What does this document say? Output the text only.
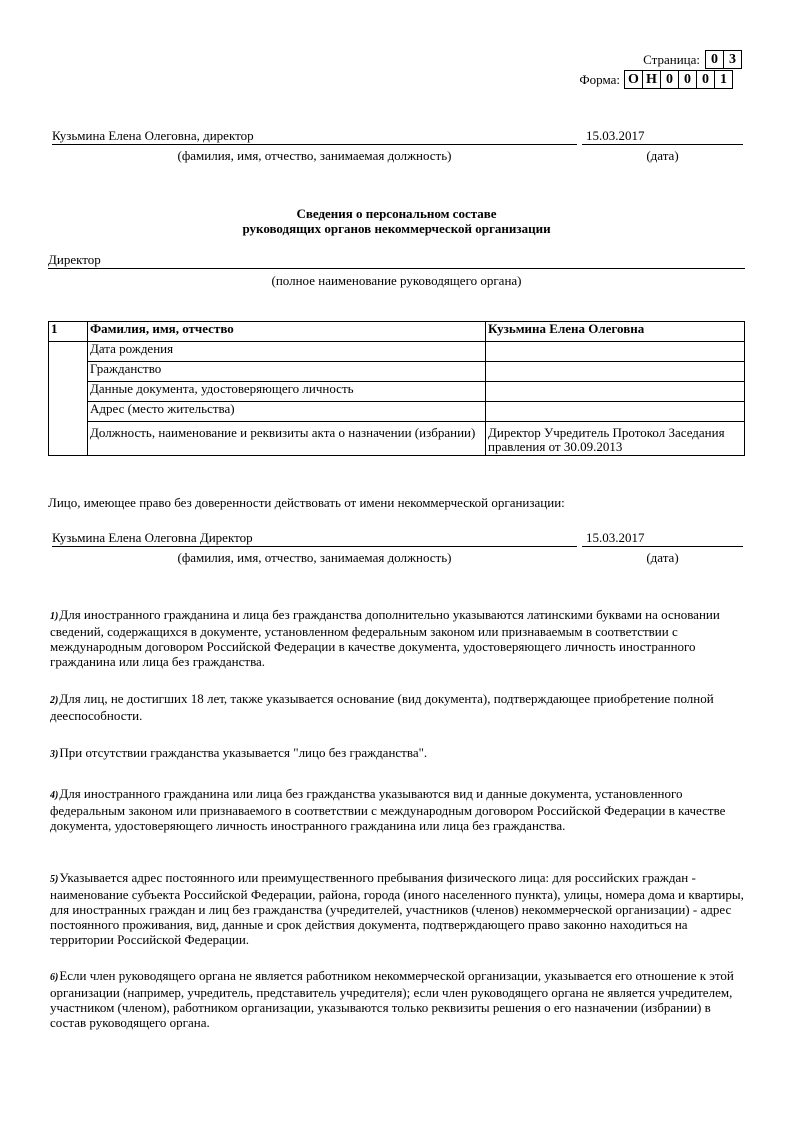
Страница: 0 3
Форма: О Н 0 0 0 1
Кузьмина Елена Олеговна, директор	15.03.2017
(фамилия, имя, отчество, занимаемая должность)	(дата)
Сведения о персональном составе
руководящих органов некоммерческой организации
Директор
(полное наименование руководящего органа)
1	Фамилия, имя, отчество	Кузьмина Елена Олеговна
	Дата рождения	
	Гражданство	
	Данные документа, удостоверяющего личность	
	Адрес (место жительства)	
	Должность, наименование и реквизиты акта о назначении (избрании)	Директор Учредитель Протокол Заседания правления от 30.09.2013
Лицо, имеющее право без доверенности действовать от имени некоммерческой организации:
Кузьмина Елена Олеговна Директор	15.03.2017
(фамилия, имя, отчество, занимаемая должность)	(дата)
1)Для иностранного гражданина и лица без гражданства дополнительно указываются латинскими буквами на основании сведений, содержащихся в документе, установленном федеральным законом или признаваемым в соответствии с международным договором Российской Федерации в качестве документа, удостоверяющего личность иностранного гражданина или лица без гражданства.
2)Для лиц, не достигших 18 лет, также указывается основание (вид документа), подтверждающее приобретение полной дееспособности.
3)При отсутствии гражданства указывается "лицо без гражданства".
4)Для иностранного гражданина или лица без гражданства указываются вид и данные документа, установленного федеральным законом или признаваемого в соответствии с международным договором Российской Федерации в качестве документа, удостоверяющего личность иностранного гражданина или лица без гражданства.
5)Указывается адрес постоянного или преимущественного пребывания физического лица: для российских граждан - наименование субъекта Российской Федерации, района, города (иного населенного пункта), улицы, номера дома и квартиры, для иностранных граждан и лиц без гражданства (учредителей, участников (членов) некоммерческой организации) - адрес постоянного проживания, вид, данные и срок действия документа, подтверждающего право законно находиться на территории Российской Федерации.
6)Если член руководящего органа не является работником некоммерческой организации, указывается его отношение к этой организации (например, учредитель, представитель учредителя); если член руководящего органа не является учредителем, участником (членом), работником организации, указываются только реквизиты решения о его назначении (избрании) в состав руководящего органа.
